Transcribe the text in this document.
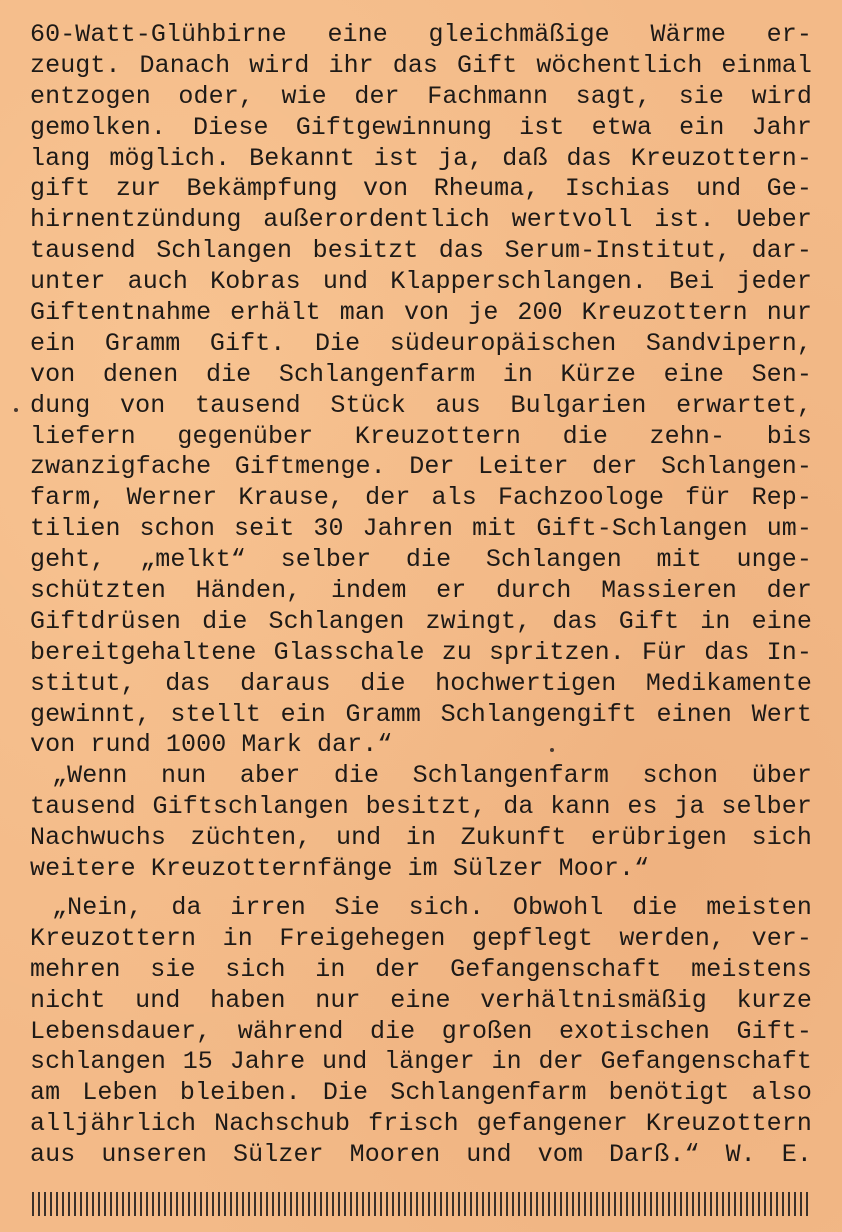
60-Watt-Glühbirne eine gleichmäßige Wärme er-
zeugt. Danach wird ihr das Gift wöchentlich einmal
entzogen oder, wie der Fachmann sagt, sie wird
gemolken. Diese Giftgewinnung ist etwa ein Jahr
lang möglich. Bekannt ist ja, daß das Kreuzottern-
gift zur Bekämpfung von Rheuma, Ischias und Ge-
hirnentzündung außerordentlich wertvoll ist. Ueber
tausend Schlangen besitzt das Serum-Institut, dar-
unter auch Kobras und Klapperschlangen. Bei jeder
Giftentnahme erhält man von je 200 Kreuzottern nur
ein Gramm Gift. Die südeuropäischen Sandvipern,
von denen die Schlangenfarm in Kürze eine Sen-
dung von tausend Stück aus Bulgarien erwartet,
liefern gegenüber Kreuzottern die zehn- bis
zwanzigfache Giftmenge. Der Leiter der Schlangen-
farm, Werner Krause, der als Fachzoologe für Rep-
tilien schon seit 30 Jahren mit Gift-Schlangen um-
geht, „melkt“ selber die Schlangen mit unge-
schützten Händen, indem er durch Massieren der
Giftdrüsen die Schlangen zwingt, das Gift in eine
bereitgehaltene Glasschale zu spritzen. Für das In-
stitut, das daraus die hochwertigen Medikamente
gewinnt, stellt ein Gramm Schlangengift einen Wert
von rund 1000 Mark dar.“

„Wenn nun aber die Schlangenfarm schon über
tausend Giftschlangen besitzt, da kann es ja selber
Nachwuchs züchten, und in Zukunft erübrigen sich
weitere Kreuzotternfänge im Sülzer Moor.“

„Nein, da irren Sie sich. Obwohl die meisten
Kreuzottern in Freigehegen gepflegt werden, ver-
mehren sie sich in der Gefangenschaft meistens
nicht und haben nur eine verhältnismäßig kurze
Lebensdauer, während die großen exotischen Gift-
schlangen 15 Jahre und länger in der Gefangenschaft
am Leben bleiben. Die Schlangenfarm benötigt also
alljährlich Nachschub frisch gefangener Kreuzottern
aus unseren Sülzer Mooren und vom Darß.“ W. E.
